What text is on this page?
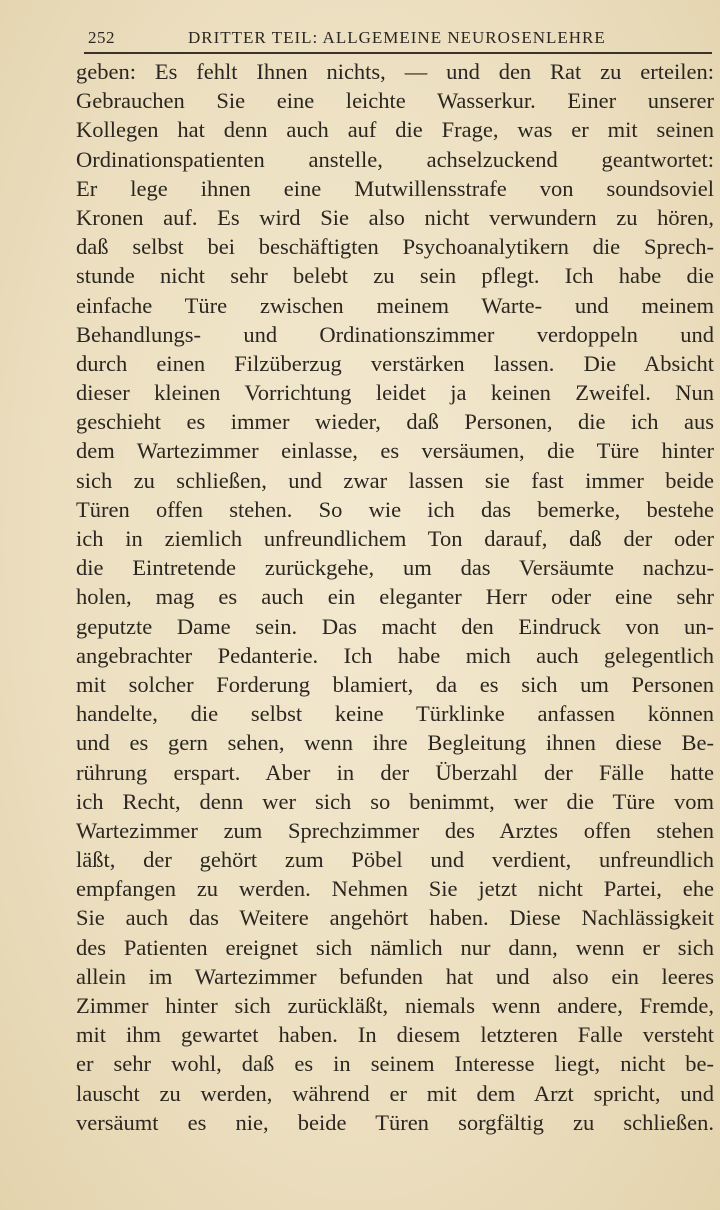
252	DRITTER TEIL: ALLGEMEINE NEUROSENLEHRE
geben: Es fehlt Ihnen nichts, — und den Rat zu erteilen:
Gebrauchen Sie eine leichte Wasserkur. Einer unserer
Kollegen hat denn auch auf die Frage, was er mit seinen
Ordinationspatienten anstelle, achselzuckend geantwortet:
Er lege ihnen eine Mutwillensstrafe von soundsoviel
Kronen auf. Es wird Sie also nicht verwundern zu hören,
daß selbst bei beschäftigten Psychoanalytikern die Sprech-
stunde nicht sehr belebt zu sein pflegt. Ich habe die
einfache Türe zwischen meinem Warte- und meinem
Behandlungs- und Ordinationszimmer verdoppeln und
durch einen Filzüberzug verstärken lassen. Die Absicht
dieser kleinen Vorrichtung leidet ja keinen Zweifel. Nun
geschieht es immer wieder, daß Personen, die ich aus
dem Wartezimmer einlasse, es versäumen, die Türe hinter
sich zu schließen, und zwar lassen sie fast immer beide
Türen offen stehen. So wie ich das bemerke, bestehe
ich in ziemlich unfreundlichem Ton darauf, daß der oder
die Eintretende zurückgehe, um das Versäumte nachzu-
holen, mag es auch ein eleganter Herr oder eine sehr
geputzte Dame sein. Das macht den Eindruck von un-
angebrachter Pedanterie. Ich habe mich auch gelegentlich
mit solcher Forderung blamiert, da es sich um Personen
handelte, die selbst keine Türklinke anfassen können
und es gern sehen, wenn ihre Begleitung ihnen diese Be-
rührung erspart. Aber in der Überzahl der Fälle hatte
ich Recht, denn wer sich so benimmt, wer die Türe vom
Wartezimmer zum Sprechzimmer des Arztes offen stehen
läßt, der gehört zum Pöbel und verdient, unfreundlich
empfangen zu werden. Nehmen Sie jetzt nicht Partei, ehe
Sie auch das Weitere angehört haben. Diese Nachlässigkeit
des Patienten ereignet sich nämlich nur dann, wenn er sich
allein im Wartezimmer befunden hat und also ein leeres
Zimmer hinter sich zurückläßt, niemals wenn andere, Fremde,
mit ihm gewartet haben. In diesem letzteren Falle versteht
er sehr wohl, daß es in seinem Interesse liegt, nicht be-
lauscht zu werden, während er mit dem Arzt spricht, und
versäumt es nie, beide Türen sorgfältig zu schließen.
